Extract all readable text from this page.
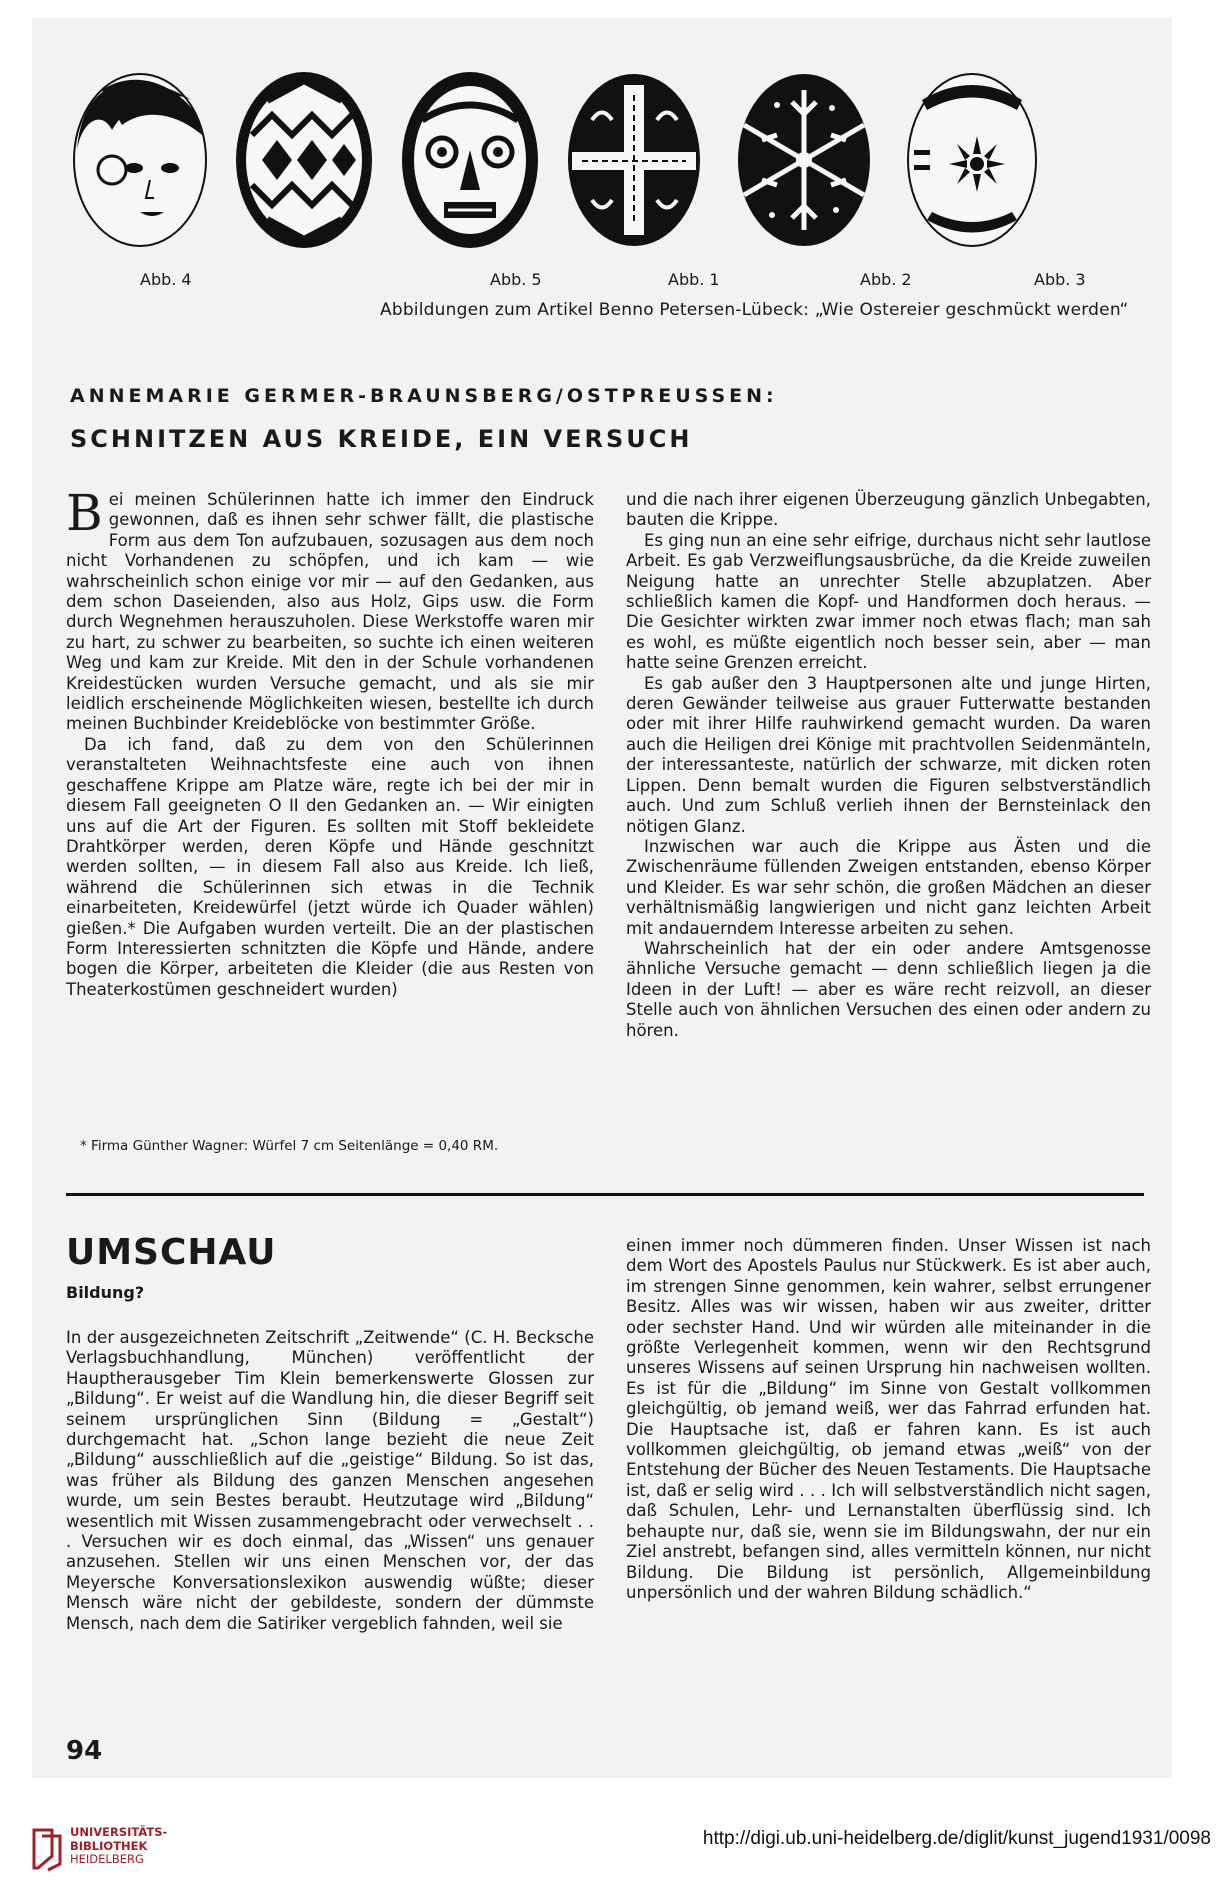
Abb. 4	Abb. 5	Abb. 1	Abb. 2	Abb. 3
Abbildungen zum Artikel Benno Petersen-Lübeck: „Wie Ostereier geschmückt werden“
ANNEMARIE GERMER-BRAUNSBERG/OSTPREUSSEN:
SCHNITZEN AUS KREIDE, EIN VERSUCH

Bei meinen Schülerinnen hatte ich immer den Eindruck gewonnen, daß es ihnen sehr schwer fällt, die plastische Form aus dem Ton aufzubauen, sozusagen aus dem noch nicht Vorhandenen zu schöpfen, und ich kam — wie wahrscheinlich schon einige vor mir — auf den Gedanken, aus dem schon Daseienden, also aus Holz, Gips usw. die Form durch Wegnehmen herauszuholen. Diese Werkstoffe waren mir zu hart, zu schwer zu bearbeiten, so suchte ich einen weiteren Weg und kam zur Kreide. Mit den in der Schule vorhandenen Kreidestücken wurden Versuche gemacht, und als sie mir leidlich erscheinende Möglichkeiten wiesen, bestellte ich durch meinen Buchbinder Kreideblöcke von bestimmter Größe.

Da ich fand, daß zu dem von den Schülerinnen veranstalteten Weihnachtsfeste eine auch von ihnen geschaffene Krippe am Platze wäre, regte ich bei der mir in diesem Fall geeigneten O II den Gedanken an. — Wir einigten uns auf die Art der Figuren. Es sollten mit Stoff bekleidete Drahtkörper werden, deren Köpfe und Hände geschnitzt werden sollten, — in diesem Fall also aus Kreide. Ich ließ, während die Schülerinnen sich etwas in die Technik einarbeiteten, Kreidewürfel (jetzt würde ich Quader wählen) gießen.* Die Aufgaben wurden verteilt. Die an der plastischen Form Interessierten schnitzten die Köpfe und Hände, andere bogen die Körper, arbeiteten die Kleider (die aus Resten von Theaterkostümen geschneidert wurden)

und die nach ihrer eigenen Überzeugung gänzlich Unbegabten, bauten die Krippe.

Es ging nun an eine sehr eifrige, durchaus nicht sehr lautlose Arbeit. Es gab Verzweiflungsausbrüche, da die Kreide zuweilen Neigung hatte an unrechter Stelle abzuplatzen. Aber schließlich kamen die Kopf- und Handformen doch heraus. — Die Gesichter wirkten zwar immer noch etwas flach; man sah es wohl, es müßte eigentlich noch besser sein, aber — man hatte seine Grenzen erreicht.

Es gab außer den 3 Hauptpersonen alte und junge Hirten, deren Gewänder teilweise aus grauer Futterwatte bestanden oder mit ihrer Hilfe rauhwirkend gemacht wurden. Da waren auch die Heiligen drei Könige mit prachtvollen Seidenmänteln, der interessanteste, natürlich der schwarze, mit dicken roten Lippen. Denn bemalt wurden die Figuren selbstverständlich auch. Und zum Schluß verlieh ihnen der Bernsteinlack den nötigen Glanz.

Inzwischen war auch die Krippe aus Ästen und die Zwischenräume füllenden Zweigen entstanden, ebenso Körper und Kleider. Es war sehr schön, die großen Mädchen an dieser verhältnismäßig langwierigen und nicht ganz leichten Arbeit mit andauerndem Interesse arbeiten zu sehen.

Wahrscheinlich hat der ein oder andere Amtsgenosse ähnliche Versuche gemacht — denn schließlich liegen ja die Ideen in der Luft! — aber es wäre recht reizvoll, an dieser Stelle auch von ähnlichen Versuchen des einen oder andern zu hören.

* Firma Günther Wagner: Würfel 7 cm Seitenlänge = 0,40 RM.
UMSCHAU
Bildung?

In der ausgezeichneten Zeitschrift „Zeitwende“ (C. H. Becksche Verlagsbuchhandlung, München) veröffentlicht der Hauptherausgeber Tim Klein bemerkenswerte Glossen zur „Bildung“. Er weist auf die Wandlung hin, die dieser Begriff seit seinem ursprünglichen Sinn (Bildung = „Gestalt“) durchgemacht hat. „Schon lange bezieht die neue Zeit „Bildung“ ausschließlich auf die „geistige“ Bildung. So ist das, was früher als Bildung des ganzen Menschen angesehen wurde, um sein Bestes beraubt. Heutzutage wird „Bildung“ wesentlich mit Wissen zusammengebracht oder verwechselt . . . Versuchen wir es doch einmal, das „Wissen“ uns genauer anzusehen. Stellen wir uns einen Menschen vor, der das Meyersche Konversationslexikon auswendig wüßte; dieser Mensch wäre nicht der gebildeste, sondern der dümmste Mensch, nach dem die Satiriker vergeblich fahnden, weil sie

einen immer noch dümmeren finden. Unser Wissen ist nach dem Wort des Apostels Paulus nur Stückwerk. Es ist aber auch, im strengen Sinne genommen, kein wahrer, selbst errungener Besitz. Alles was wir wissen, haben wir aus zweiter, dritter oder sechster Hand. Und wir würden alle miteinander in die größte Verlegenheit kommen, wenn wir den Rechtsgrund unseres Wissens auf seinen Ursprung hin nachweisen wollten. Es ist für die „Bildung“ im Sinne von Gestalt vollkommen gleichgültig, ob jemand weiß, wer das Fahrrad erfunden hat. Die Hauptsache ist, daß er fahren kann. Es ist auch vollkommen gleichgültig, ob jemand etwas „weiß“ von der Entstehung der Bücher des Neuen Testaments. Die Hauptsache ist, daß er selig wird . . . Ich will selbstverständlich nicht sagen, daß Schulen, Lehr- und Lernanstalten überflüssig sind. Ich behaupte nur, daß sie, wenn sie im Bildungswahn, der nur ein Ziel anstrebt, befangen sind, alles vermitteln können, nur nicht Bildung. Die Bildung ist persönlich, Allgemeinbildung unpersönlich und der wahren Bildung schädlich.“

94
UNIVERSITÄTS-
BIBLIOTHEK
HEIDELBERG
http://digi.ub.uni-heidelberg.de/diglit/kunst_jugend1931/0098
